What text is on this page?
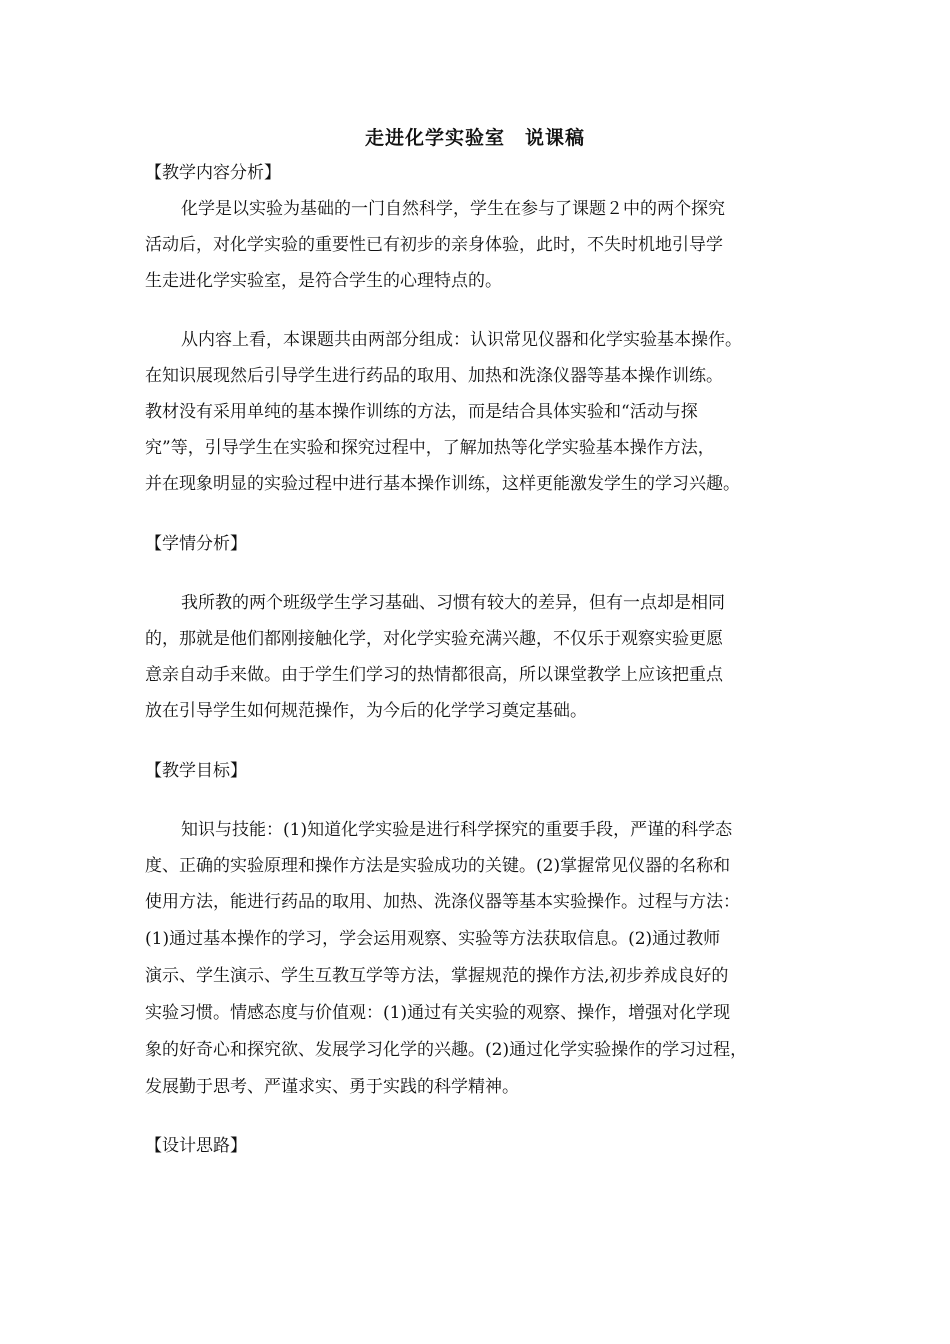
走进化学实验室　说课稿
【教学内容分析】
化学是以实验为基础的一门自然科学，学生在参与了课题２中的两个探究
活动后，对化学实验的重要性已有初步的亲身体验，此时，不失时机地引导学
生走进化学实验室，是符合学生的心理特点的。
从内容上看，本课题共由两部分组成：认识常见仪器和化学实验基本操作。
在知识展现然后引导学生进行药品的取用、加热和洗涤仪器等基本操作训练。
教材没有采用单纯的基本操作训练的方法，而是结合具体实验和“活动与探
究”等，引导学生在实验和探究过程中，了解加热等化学实验基本操作方法，
并在现象明显的实验过程中进行基本操作训练，这样更能激发学生的学习兴趣。
【学情分析】
我所教的两个班级学生学习基础、习惯有较大的差异，但有一点却是相同
的，那就是他们都刚接触化学，对化学实验充满兴趣，不仅乐于观察实验更愿
意亲自动手来做。由于学生们学习的热情都很高，所以课堂教学上应该把重点
放在引导学生如何规范操作，为今后的化学学习奠定基础。
【教学目标】
知识与技能：(1)知道化学实验是进行科学探究的重要手段，严谨的科学态
度、正确的实验原理和操作方法是实验成功的关键。(2)掌握常见仪器的名称和
使用方法，能进行药品的取用、加热、洗涤仪器等基本实验操作。过程与方法：
(1)通过基本操作的学习，学会运用观察、实验等方法获取信息。(2)通过教师
演示、学生演示、学生互教互学等方法，掌握规范的操作方法,初步养成良好的
实验习惯。情感态度与价值观：(1)通过有关实验的观察、操作，增强对化学现
象的好奇心和探究欲、发展学习化学的兴趣。(2)通过化学实验操作的学习过程，
发展勤于思考、严谨求实、勇于实践的科学精神。
【设计思路】
